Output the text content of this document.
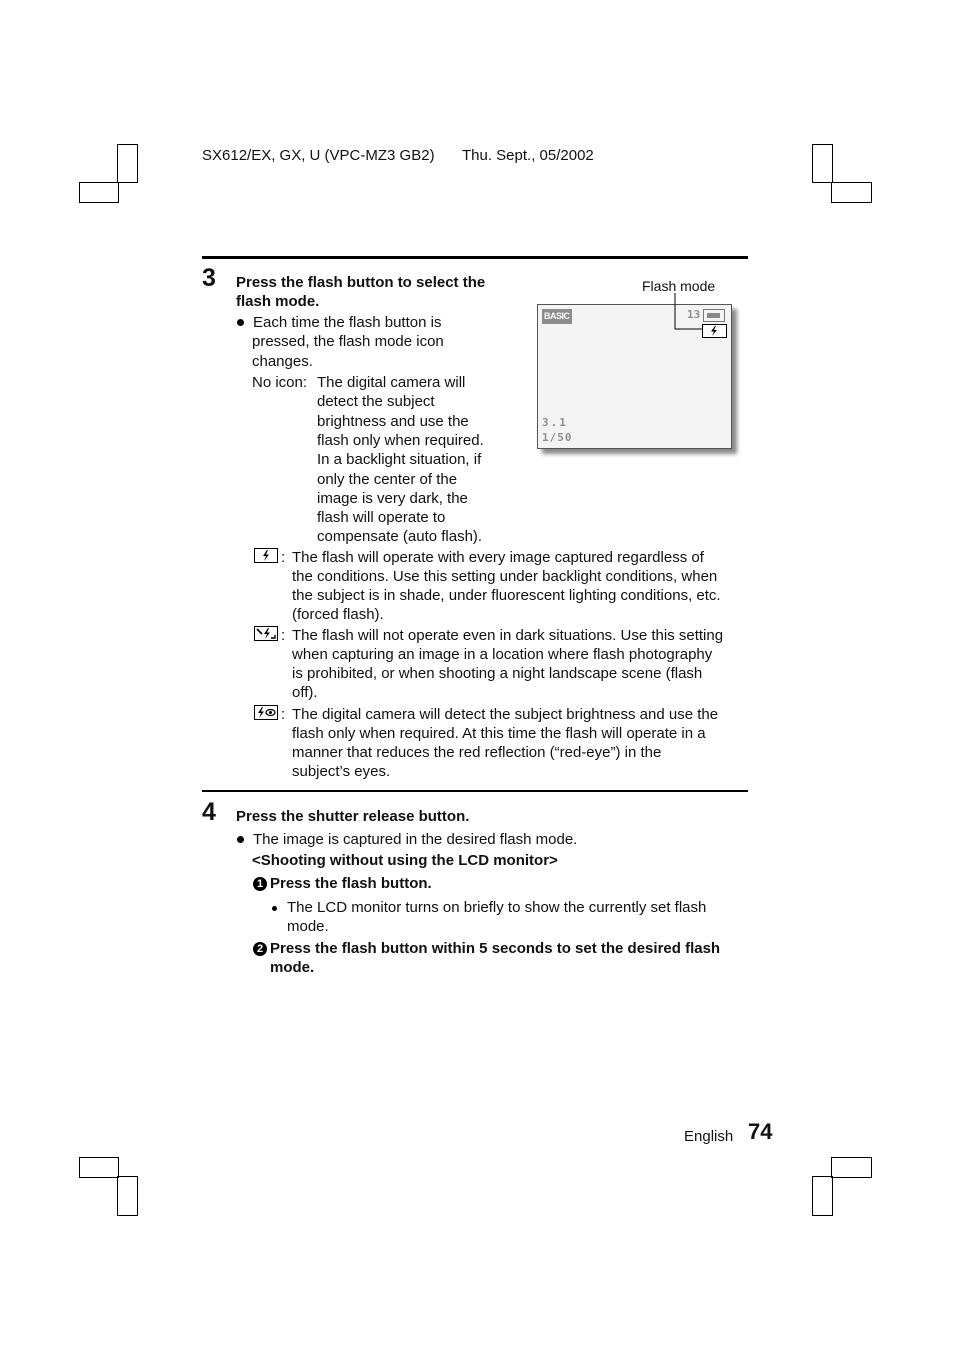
SX612/EX, GX, U (VPC-MZ3 GB2) Thu. Sept., 05/2002
3 Press the flash button to select the
flash mode.
Each time the flash button is
pressed, the flash mode icon
changes.
No icon: The digital camera will
detect the subject
brightness and use the
flash only when required.
In a backlight situation, if
only the center of the
image is very dark, the
flash will operate to
compensate (auto flash).
: The flash will operate with every image captured regardless of
the conditions. Use this setting under backlight conditions, when
the subject is in shade, under fluorescent lighting conditions, etc.
(forced flash).
: The flash will not operate even in dark situations. Use this setting
when capturing an image in a location where flash photography
is prohibited, or when shooting a night landscape scene (flash
off).
: The digital camera will detect the subject brightness and use the
flash only when required. At this time the flash will operate in a
manner that reduces the red reflection (“red-eye”) in the
subject’s eyes.
Flash mode
BASIC	13
3.1
1/50
4 Press the shutter release button.
The image is captured in the desired flash mode.
<Shooting without using the LCD monitor>
1 Press the flash button.
The LCD monitor turns on briefly to show the currently set flash
mode.
2 Press the flash button within 5 seconds to set the desired flash
mode.
English 74
